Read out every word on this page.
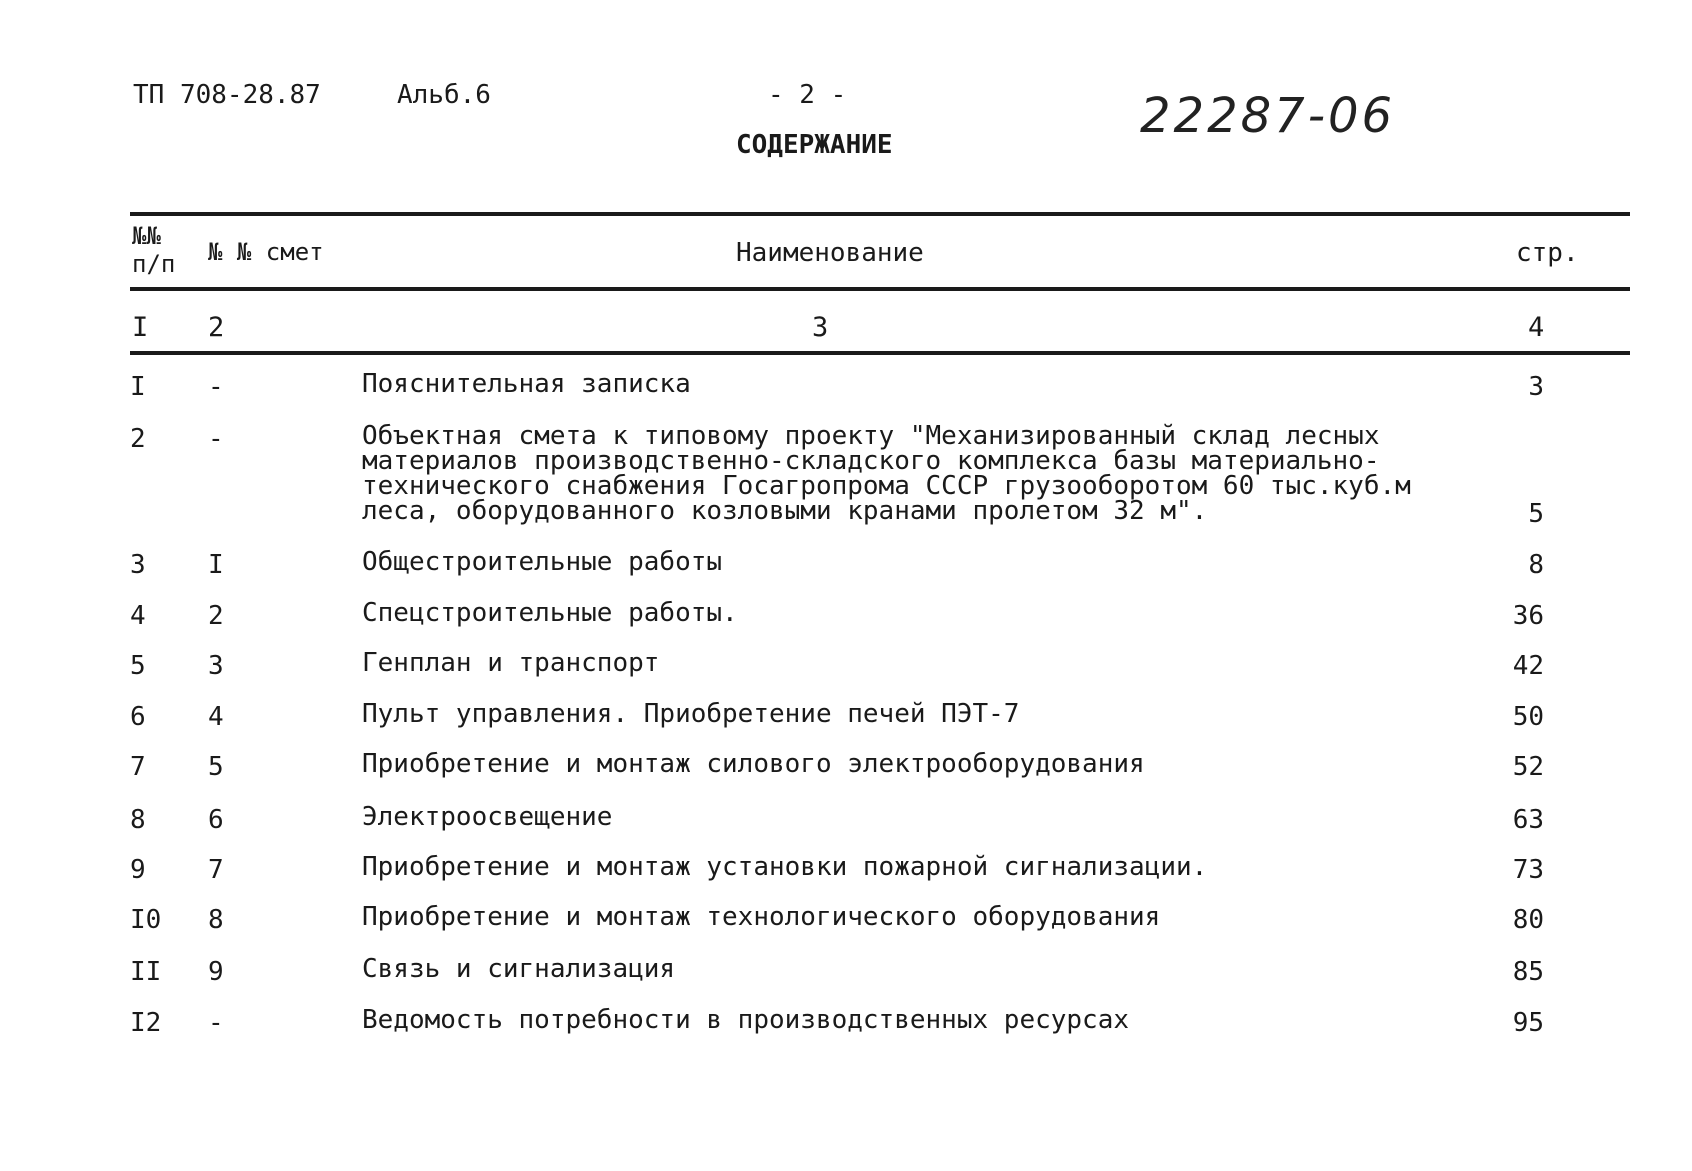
ТП 708-28.87	Альб.6	- 2 -	22287-06
СОДЕРЖАНИЕ
№№
п/п № № смет	Наименование	стр.
I 2	3	4
I -	Пояснительная записка	3
2 -	Объектная смета к типовому проекту "Механизированный склад лесных
материалов производственно-складского комплекса базы материально-
технического снабжения Госагропрома СССР грузооборотом 60 тыс.куб.м
леса, оборудованного козловыми кранами пролетом 32 м".	5
3 I	Общестроительные работы	8
4 2	Спецстроительные работы.	36
5 3	Генплан и транспорт	42
6 4	Пульт управления. Приобретение печей ПЭТ-7	50
7 5	Приобретение и монтаж силового электрооборудования	52
8 6	Электроосвещение	63
9 7	Приобретение и монтаж установки пожарной сигнализации.	73
I0 8	Приобретение и монтаж технологического оборудования	80
II 9	Связь и сигнализация	85
I2 -	Ведомость потребности в производственных ресурсах	95
